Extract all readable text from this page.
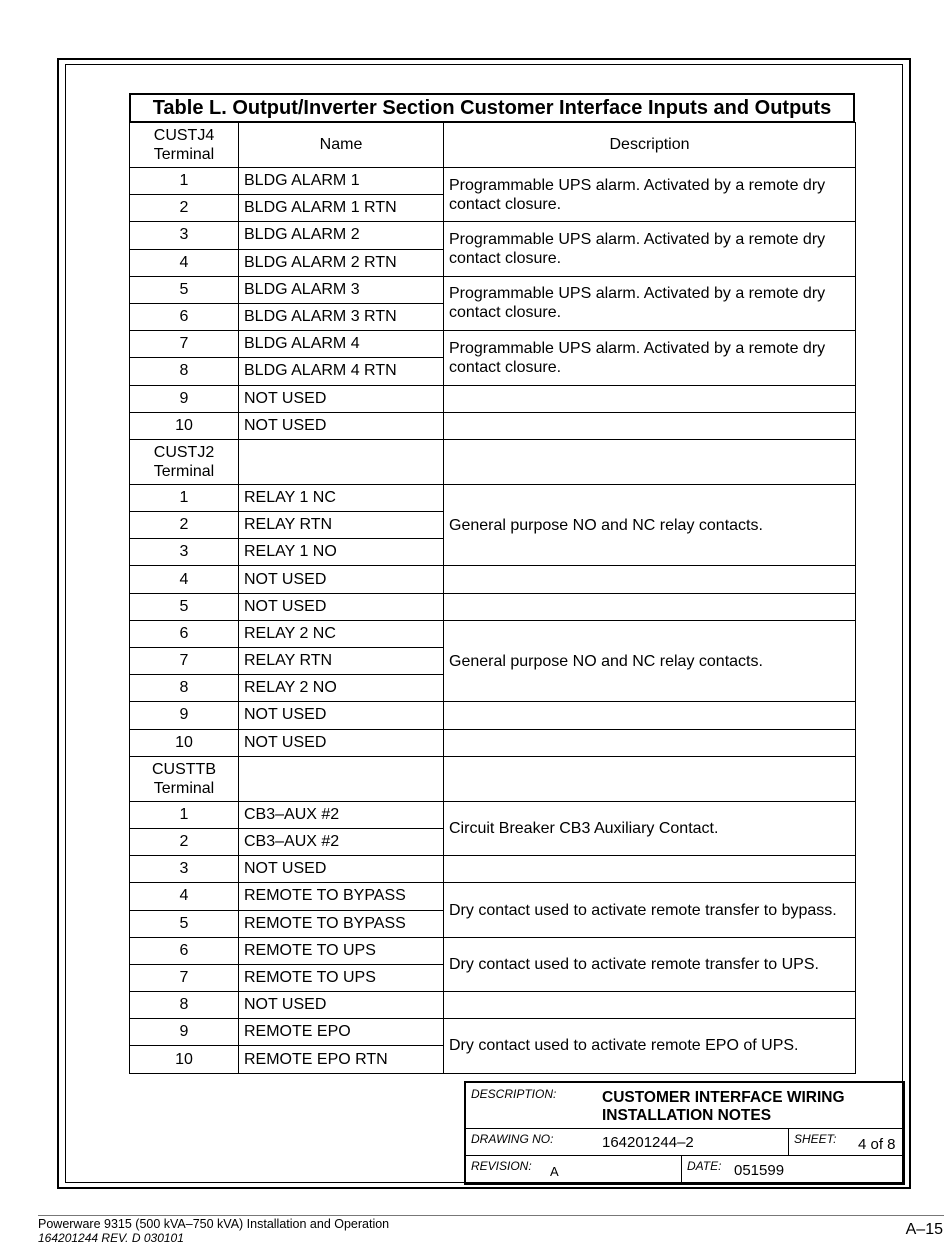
Table L. Output/Inverter Section Customer Interface Inputs and Outputs
CUSTJ4 Terminal	Name	Description
1	BLDG ALARM 1	Programmable UPS alarm. Activated by a remote dry contact closure.
2	BLDG ALARM 1 RTN	
3	BLDG ALARM 2	Programmable UPS alarm. Activated by a remote dry contact closure.
4	BLDG ALARM 2 RTN	
5	BLDG ALARM 3	Programmable UPS alarm. Activated by a remote dry contact closure.
6	BLDG ALARM 3 RTN	
7	BLDG ALARM 4	Programmable UPS alarm. Activated by a remote dry contact closure.
8	BLDG ALARM 4 RTN	
9	NOT USED	
10	NOT USED	
CUSTJ2 Terminal		
1	RELAY 1 NC	General purpose NO and NC relay contacts.
2	RELAY RTN	
3	RELAY 1 NO	
4	NOT USED	
5	NOT USED	
6	RELAY 2 NC	General purpose NO and NC relay contacts.
7	RELAY RTN	
8	RELAY 2 NO	
9	NOT USED	
10	NOT USED	
CUSTTB Terminal		
1	CB3–AUX #2	Circuit Breaker CB3 Auxiliary Contact.
2	CB3–AUX #2	
3	NOT USED	
4	REMOTE TO BYPASS	Dry contact used to activate remote transfer to bypass.
5	REMOTE TO BYPASS	
6	REMOTE TO UPS	Dry contact used to activate remote transfer to UPS.
7	REMOTE TO UPS	
8	NOT USED	
9	REMOTE EPO	Dry contact used to activate remote EPO of UPS.
10	REMOTE EPO RTN	
DESCRIPTION:	CUSTOMER INTERFACE WIRING
INSTALLATION NOTES
DRAWING NO:	164201244–2	SHEET: 4 of 8
REVISION: A	DATE: 051599
Powerware 9315 (500 kVA–750 kVA) Installation and Operation
164201244 REV. D 030101	A–15
